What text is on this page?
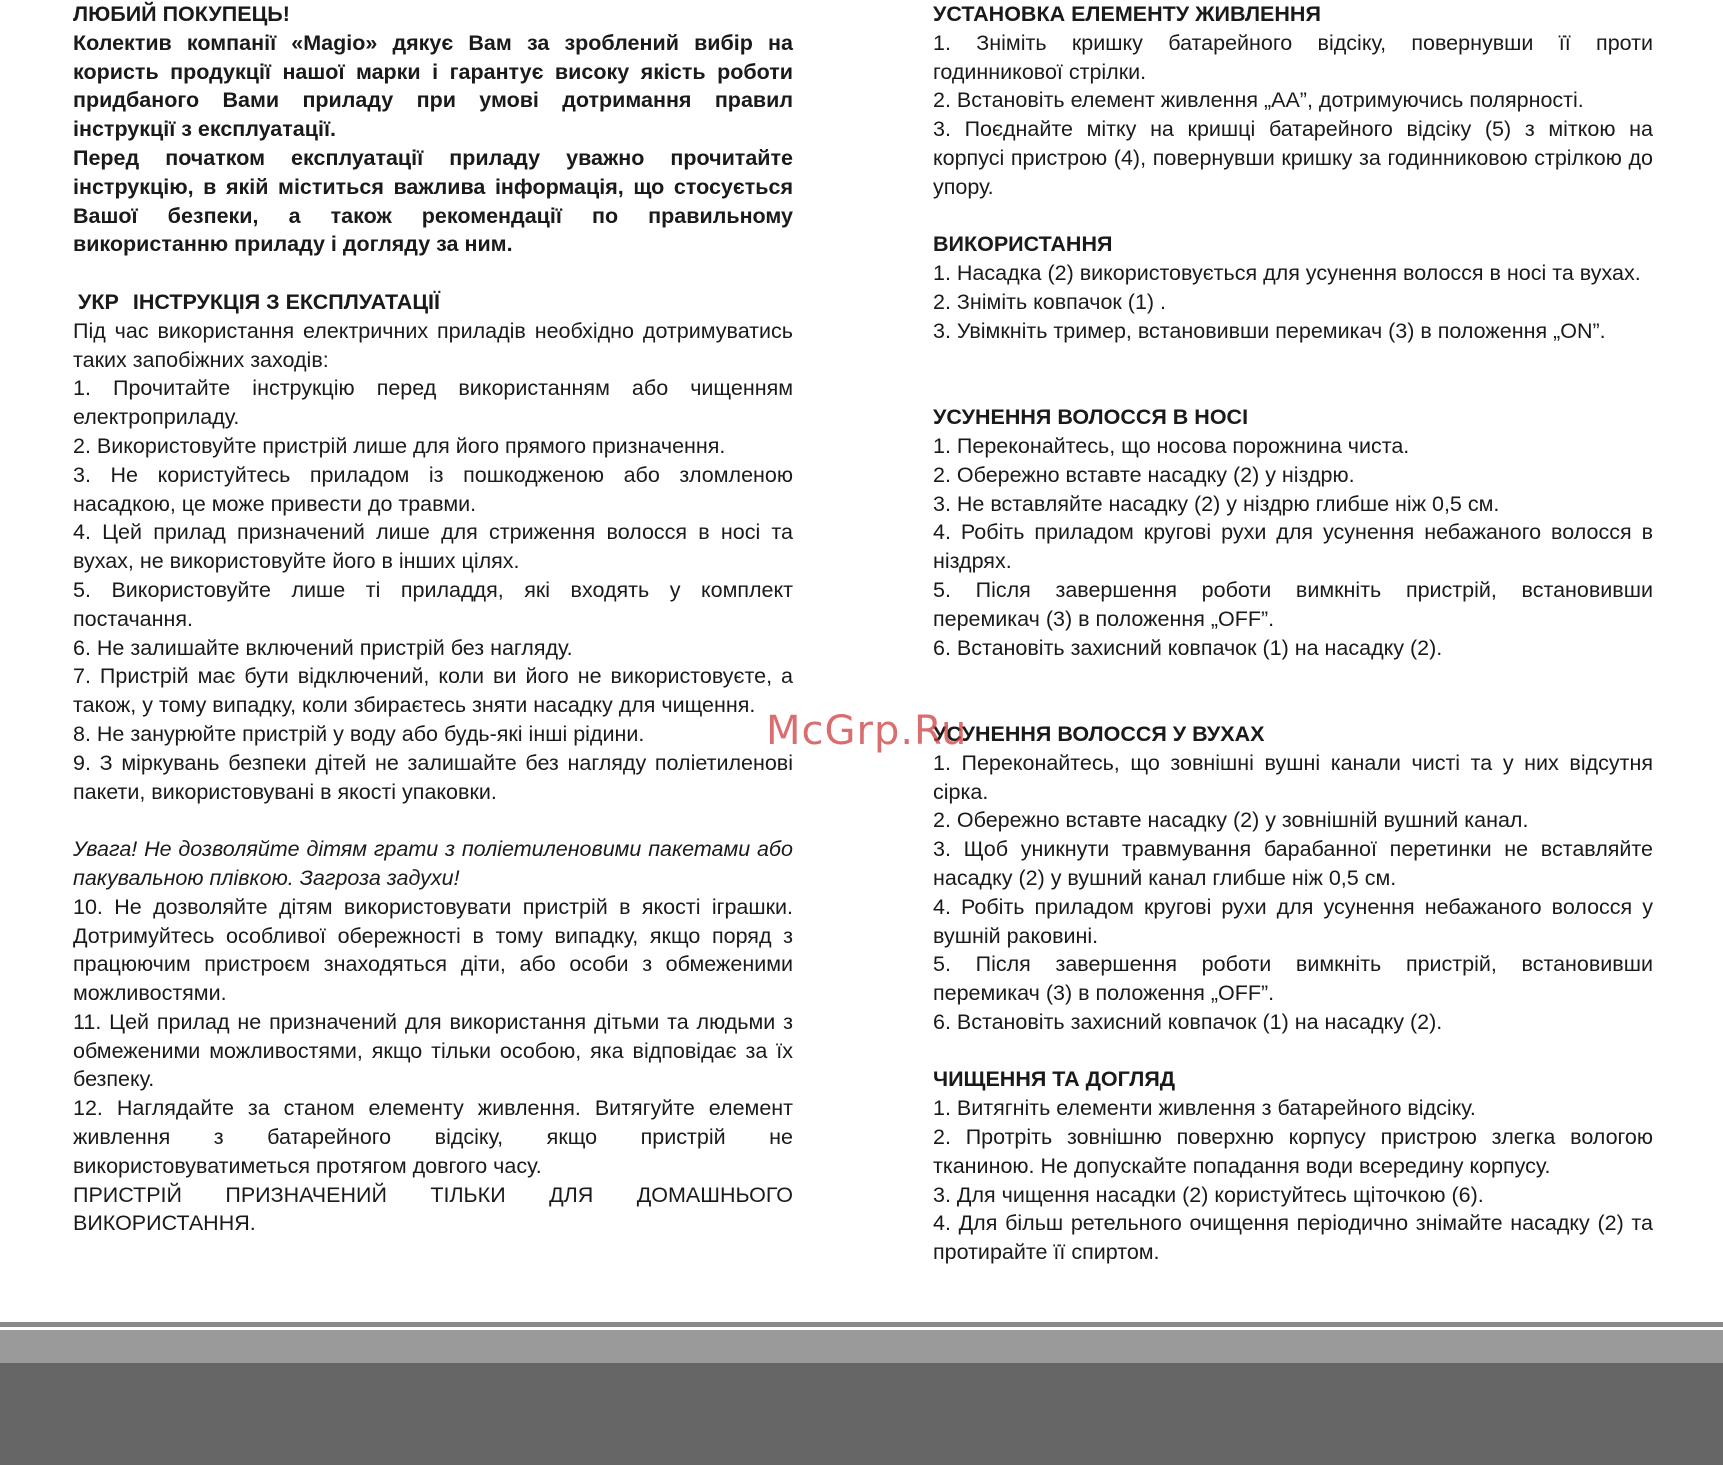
ЛЮБИЙ ПОКУПЕЦЬ!

Колектив компанії «Magio» дякує Вам за зроблений вибір на користь продукції нашої марки і гарантує високу якість роботи придбаного Вами приладу при умові дотримання правил інструкції з експлуатації.

Перед початком експлуатації приладу уважно прочитайте інструкцію, в якій міститься важлива інформація, що стосується Вашої безпеки, а також рекомендації по правильному використанню приладу і догляду за ним.

УКР ІНСТРУКЦІЯ З ЕКСПЛУАТАЦІЇ

Під час використання електричних приладів необхідно дотримуватись таких запобіжних заходів:

1. Прочитайте інструкцію перед використанням або чищенням електроприладу.

2. Використовуйте пристрій лише для його прямого призначення.

3. Не користуйтесь приладом із пошкодженою або зломленою насадкою, це може привести до травми.

4. Цей прилад призначений лише для стриження волосся в носі та вухах, не використовуйте його в інших цілях.

5. Використовуйте лише ті приладдя, які входять у комплект постачання.

6. Не залишайте включений пристрій без нагляду.

7. Пристрій має бути відключений, коли ви його не використовуєте, а також, у тому випадку, коли збираєтесь зняти насадку для чищення.

8. Не занурюйте пристрій у воду або будь-які інші рідини.

9. З міркувань безпеки дітей не залишайте без нагляду поліетиленові пакети, використовувані в якості упаковки.

Увага! Не дозволяйте дітям грати з поліетиленовими пакетами або пакувальною плівкою. Загроза задухи!

10. Не дозволяйте дітям використовувати пристрій в якості іграшки. Дотримуйтесь особливої обережності в тому випадку, якщо поряд з працюючим пристроєм знаходяться діти, або особи з обмеженими можливостями.

11. Цей прилад не призначений для використання дітьми та людьми з обмеженими можливостями, якщо тільки особою, яка відповідає за їх безпеку.

12. Наглядайте за станом елементу живлення. Витягуйте елемент живлення з батарейного відсіку, якщо пристрій не використовуватиметься протягом довгого часу.

ПРИСТРІЙ ПРИЗНАЧЕНИЙ ТІЛЬКИ ДЛЯ ДОМАШНЬОГО ВИКОРИСТАННЯ.

УСТАНОВКА ЕЛЕМЕНТУ ЖИВЛЕННЯ

1. Зніміть кришку батарейного відсіку, повернувши її проти годинникової стрілки.

2. Встановіть елемент живлення „AA”, дотримуючись полярності.

3. Поєднайте мітку на кришці батарейного відсіку (5) з міткою на корпусі пристрою (4), повернувши кришку за годинниковою стрілкою до упору.

ВИКОРИСТАННЯ

1. Насадка (2) використовується для усунення волосся в носі та вухах.

2. Зніміть ковпачок (1) .

3. Увімкніть тример, встановивши перемикач (3) в положення „ON”.

УСУНЕННЯ ВОЛОССЯ В НОСІ

1. Переконайтесь, що носова порожнина чиста.

2. Обережно вставте насадку (2) у ніздрю.

3. Не вставляйте насадку (2) у ніздрю глибше ніж 0,5 см.

4. Робіть приладом кругові рухи для усунення небажаного волосся в ніздрях.

5. Після завершення роботи вимкніть пристрій, встановивши перемикач (3) в положення „OFF”.

6. Встановіть захисний ковпачок (1) на насадку (2).

УСУНЕННЯ ВОЛОССЯ У ВУХАХ

1. Переконайтесь, що зовнішні вушні канали чисті та у них відсутня сірка.

2. Обережно вставте насадку (2) у зовнішній вушний канал.

3. Щоб уникнути травмування барабанної перетинки не вставляйте насадку (2) у вушний канал глибше ніж 0,5 см.

4. Робіть приладом кругові рухи для усунення небажаного волосся у вушній раковині.

5. Після завершення роботи вимкніть пристрій, встановивши перемикач (3) в положення „OFF”.

6. Встановіть захисний ковпачок (1) на насадку (2).

ЧИЩЕННЯ ТА ДОГЛЯД

1. Витягніть елементи живлення з батарейного відсіку.

2. Протріть зовнішню поверхню корпусу пристрою злегка вологою тканиною. Не допускайте попадання води всередину корпусу.

3. Для чищення насадки (2) користуйтесь щіточкою (6).

4. Для більш ретельного очищення періодично знімайте насадку (2) та протирайте її спиртом.

McGrp.Ru
